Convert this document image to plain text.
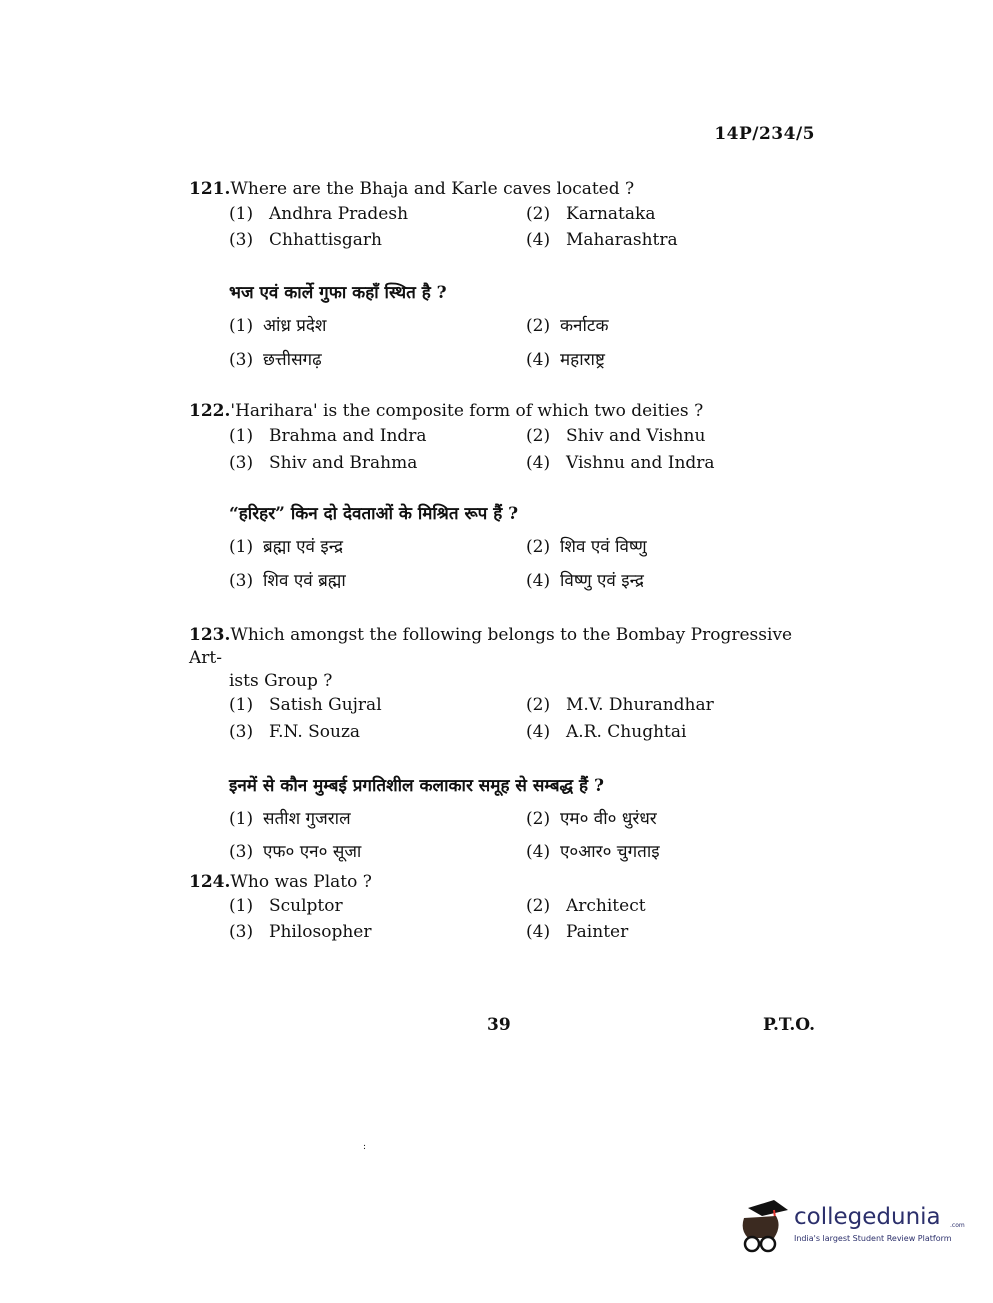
14P/234/5
121.Where are the Bhaja and Karle caves located ?
(1) Andhra Pradesh	(2) Karnataka
(3) Chhattisgarh	(4) Maharashtra
भज एवं कार्ले गुफा कहाँ स्थित है ?
(1) आंध्र प्रदेश	(2) कर्नाटक
(3) छत्तीसगढ़	(4) महाराष्ट्र
122.'Harihara' is the composite form of which two deities ?
(1) Brahma and Indra	(2) Shiv and Vishnu
(3) Shiv and Brahma	(4) Vishnu and Indra
“हरिहर” किन दो देवताओं के मिश्रित रूप हैं ?
(1) ब्रह्मा एवं इन्द्र	(2) शिव एवं विष्णु
(3) शिव एवं ब्रह्मा	(4) विष्णु एवं इन्द्र
123.Which amongst the following belongs to the Bombay Progressive Art-
ists Group ?
(1) Satish Gujral	(2) M.V. Dhurandhar
(3) F.N. Souza	(4) A.R. Chughtai
इनमें से कौन मुम्बई प्रगतिशील कलाकार समूह से सम्बद्ध हैं ?
(1) सतीश गुजराल	(2) एम० वी० धुरंधर
(3) एफ० एन० सूजा	(4) ए०आर० चुगताइ
124.Who was Plato ?
(1) Sculptor	(2) Architect
(3) Philosopher	(4) Painter
39	P.T.O.
:
collegedunia .com
India's largest Student Review Platform
